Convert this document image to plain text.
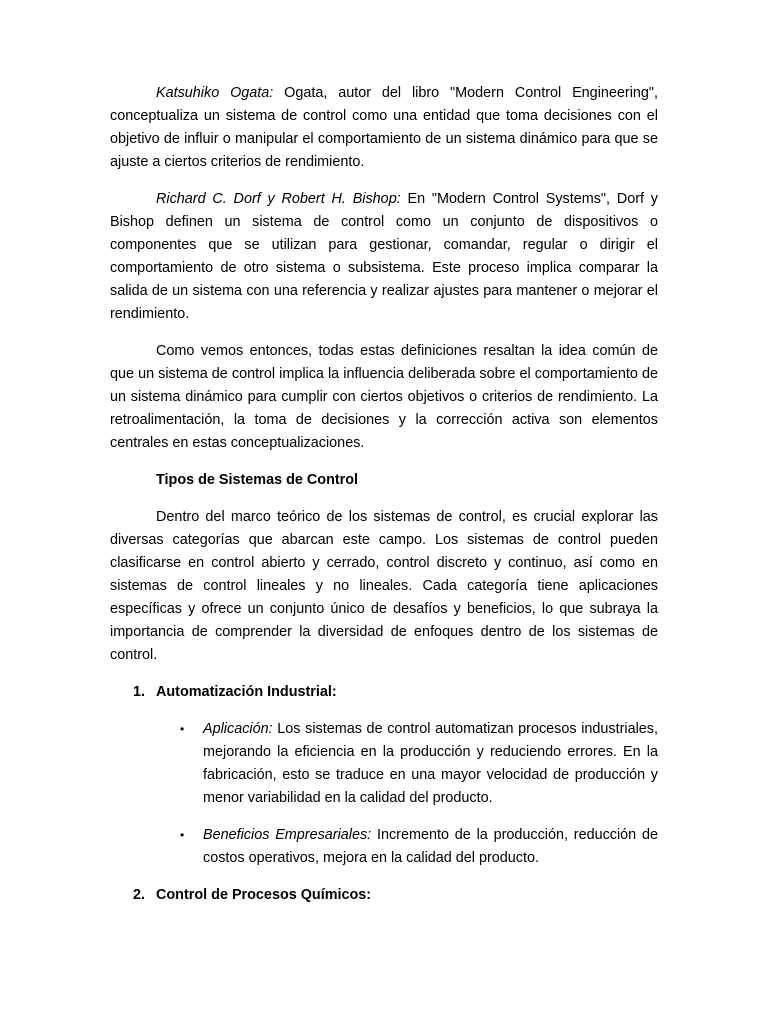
Katsuhiko Ogata: Ogata, autor del libro "Modern Control Engineering", conceptualiza un sistema de control como una entidad que toma decisiones con el objetivo de influir o manipular el comportamiento de un sistema dinámico para que se ajuste a ciertos criterios de rendimiento.

Richard C. Dorf y Robert H. Bishop: En "Modern Control Systems", Dorf y Bishop definen un sistema de control como un conjunto de dispositivos o componentes que se utilizan para gestionar, comandar, regular o dirigir el comportamiento de otro sistema o subsistema. Este proceso implica comparar la salida de un sistema con una referencia y realizar ajustes para mantener o mejorar el rendimiento.

Como vemos entonces, todas estas definiciones resaltan la idea común de que un sistema de control implica la influencia deliberada sobre el comportamiento de un sistema dinámico para cumplir con ciertos objetivos o criterios de rendimiento. La retroalimentación, la toma de decisiones y la corrección activa son elementos centrales en estas conceptualizaciones.

Tipos de Sistemas de Control

Dentro del marco teórico de los sistemas de control, es crucial explorar las diversas categorías que abarcan este campo. Los sistemas de control pueden clasificarse en control abierto y cerrado, control discreto y continuo, así como en sistemas de control lineales y no lineales. Cada categoría tiene aplicaciones específicas y ofrece un conjunto único de desafíos y beneficios, lo que subraya la importancia de comprender la diversidad de enfoques dentro de los sistemas de control.

1. Automatización Industrial:
• Aplicación: Los sistemas de control automatizan procesos industriales, mejorando la eficiencia en la producción y reduciendo errores. En la fabricación, esto se traduce en una mayor velocidad de producción y menor variabilidad en la calidad del producto.
• Beneficios Empresariales: Incremento de la producción, reducción de costos operativos, mejora en la calidad del producto.
2. Control de Procesos Químicos:
